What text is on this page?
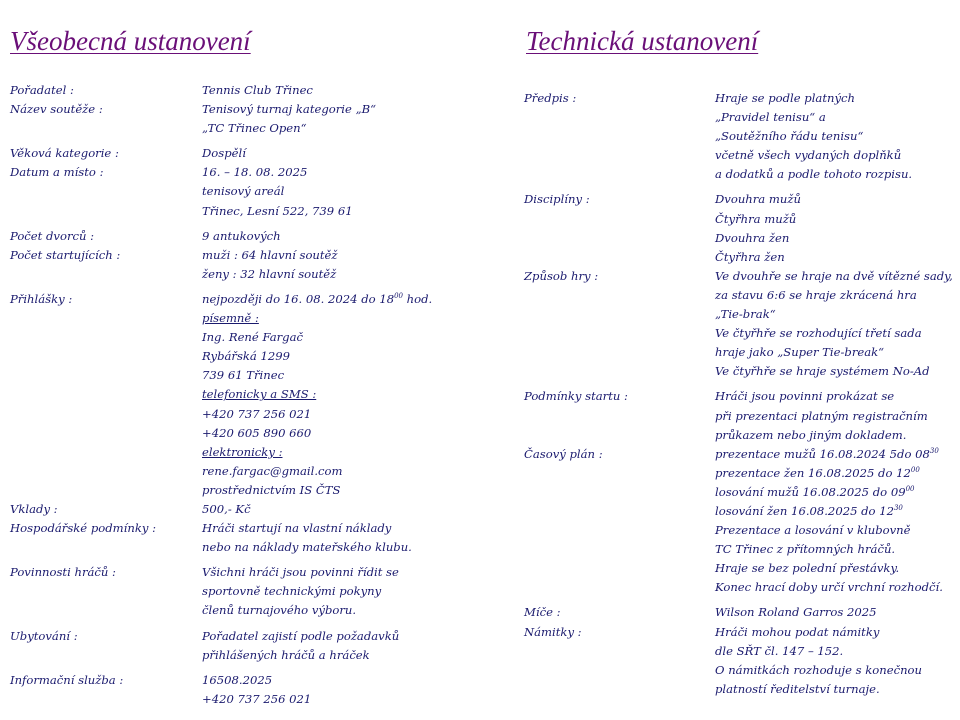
Všeobecná ustanovení
Pořadatel :	Tennis Club Třinec
Název soutěže :	Tenisový turnaj kategorie „B“
„TC Třinec Open“
Věková kategorie :	Dospělí
Datum a místo :	16. – 18. 08. 2025
tenisový areál
Třinec, Lesní 522, 739 61
Počet dvorců :	9 antukových
Počet startujících :	muži : 64 hlavní soutěž
ženy : 32 hlavní soutěž
Přihlášky :	nejpozději do 16. 08. 2024 do $18^{00}$ hod.
písemně :
Ing. René Fargač
Rybářská 1299
739 61 Třinec
telefonicky a SMS :
+420 737 256 021
+420 605 890 660
elektronicky :
rene.fargac@gmail.com
prostřednictvím IS ČTS
Vklady :	500,- Kč
Hospodářské podmínky :	Hráči startují na vlastní náklady
nebo na náklady mateřského klubu.
Povinnosti hráčů :	Všichni hráči jsou povinni řídit se
sportovně technickými pokyny
členů turnajového výboru.
Ubytování :	Pořadatel zajistí podle požadavků
přihlášených hráčů a hráček
Informační služba :	16508.2025
+420 737 256 021
Technická ustanovení
Předpis :	Hraje se podle platných
„Pravidel tenisu“ a
„Soutěžního řádu tenisu“
včetně všech vydaných doplňků
a dodatků a podle tohoto rozpisu.
Disciplíny :	Dvouhra mužů
Čtyřhra mužů
Dvouhra žen
Čtyřhra žen
Způsob hry :	Ve dvouhře se hraje na dvě vítězné sady,
za stavu 6:6 se hraje zkrácená hra
„Tie-brak“
Ve čtyřhře se rozhodující třetí sada
hraje jako „Super Tie-break“
Ve čtyřhře se hraje systémem No-Ad
Podmínky startu :	Hráči jsou povinni prokázat se
při prezentaci platným registračním
průkazem nebo jiným dokladem.
Časový plán :	prezentace mužů 16.08.2024 5do $08^{30}$
prezentace žen 16.08.2025 do $12^{00}$
losování mužů 16.08.2025 do $09^{00}$
losování žen 16.08.2025 do $12^{30}$
Prezentace a losování v klubovně
TC Třinec z přítomných hráčů.
Hraje se bez polední přestávky.
Konec hrací doby určí vrchní rozhodčí.
Míče :	Wilson Roland Garros 2025
Námitky :	Hráči mohou podat námitky
dle SŘT čl. 147 – 152.
O námitkách rozhoduje s konečnou
platností ředitelství turnaje.
